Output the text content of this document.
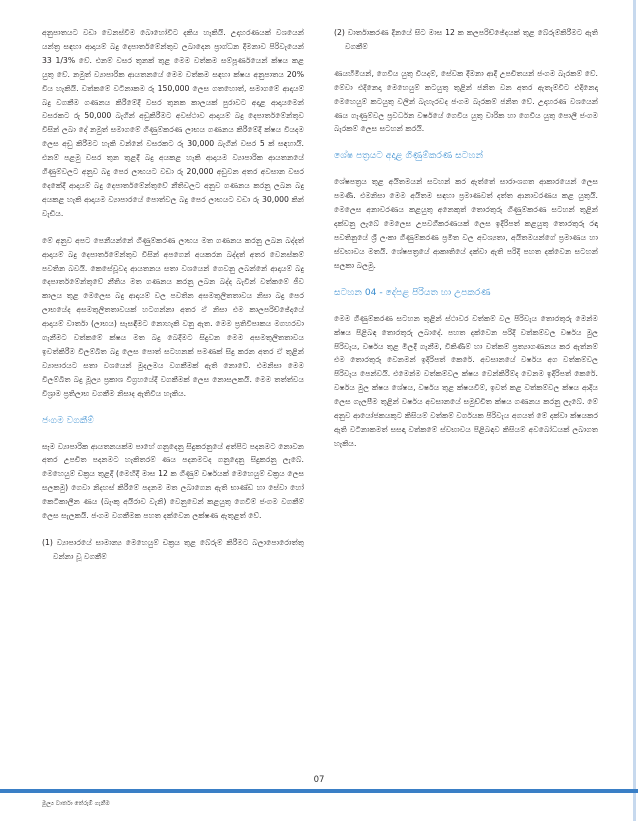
අනුපාතයට වඩා වෙනස්වීම බොහෝවිට දකිය හැකියි. උදාහරණයක් වශයෙන් යන්ත්‍ර සඳහා ආදායම් බදු දෙපාර්තමේන්තුව ලබාදෙන ප්‍රාග්ධන දීමනාව පිරිවැයෙන් 33 1/3% වේ. එනම් වසර තුනක් තුළ මෙම වත්කම සම්පූර්ණයෙන් ක්ෂය කළ යුතු වේ. නමුත් ව්‍යාපාරික ආයතනයේ මෙම වත්කම සඳහා ක්ෂය අනුපාතය 20% විය හැකියි. වත්කමේ වටිනාකම රු 150,000 ලෙස ගතහොත්, සමාගමේ ආදායම් බදු වගකීම ගණනය කිරීමේදී වසර තුනක කාලයක් පුරාවට අදාළ ආදායමෙන් වසරකට රු 50,000 බැගින් අඩුකිරීමට අවස්ථාව ආදායම් බදු දෙපාර්තමේන්තුව විසින් ලබා දේ නමුත් සමාගමේ ගිණුම්කරණ ලාභය ගණනය කිරීමේදී ක්ෂය වියදම ලෙස අඩු කිරීමට හැකි වන්නේ වසරකට රු 30,000 බැගින් වසර 5 ක් සඳහායි. එනම් පළමු වසර තුන තුළදී බදු අයකළ හැකි ආදායම ව්‍යාපාරික ආයතනයේ ගිණුම්වලට අනුව බදු පෙර ලාභයට වඩා රු 20,000 අඩුවන අතර අවසාන වසර දෙකේදී ආදායම් බදු දෙපාර්තමේන්තුවේ නීතිවලට අනුව ගණනය කරනු ලබන බදු අයකළ හැකි ආදායම ව්‍යාපාරයේ පොත්වල බදු පෙර ලාභයට වඩා රු 30,000 කින් වැඩිය.

මේ අනුව අපට පෙනීයන්නේ ගිණුම්කරණ ලාභය මත ගණනය කරනු ලබන බද්දත් ආදායම් බදු දෙපාර්තමේන්තුව විසින් අපගෙන් අයකරන බද්දත් අතර වෙනස්කම් පවතින බවයි. කෙසේවූවද ආයතනය සතා වශයෙන් ගෙවනු ලබන්නේ ආදායම් බදු දෙපාර්තමේන්තුවේ නීතිය මත ගණනය කරනු ලබන බද්ද බැවින් වත්කමේ ජීව කාලය තුළ මෙලෙස බදු ආදායම් වල පවතින අසමතුලිතතාවය නිසා බදු පෙර ලාභයේද අසමතුලිතතාවයක් හටගන්නා අතර ඒ නිසා එම කාලපරිච්ඡේදයේ ආදායම් වාර්තා (ලාභය) සැසඳීමට නොහැකි වනු ඇත. මෙම ප්‍රතිවිපාකය මගහරවා ගැනීමට වත්කමේ ක්ෂය මත බදු බෙදීමට සිදුවන මෙම අසමතුලිතතාවය ඉවත්කිරීම විලම්බිත බදු ලෙස පොත් සටහනක් පමණක් සිදු කරන අතර ඒ තුළින් ව්‍යාපාරයට සතා වශයෙන් මුදලමය වගකීමක් ඇති නොවේ. එමනිසා මෙම විලම්බිත බදු මූල්‍ය ප්‍රකාශ විග්‍රහයේදී වගකීමක් ලෙස නොසලකයි. මෙම තත්ත්වය විශ්‍රාම ප්‍රතිලාභ වගකීම නිසාද ඇතිවිය හැකිය.

ජංගම වගකීම්

සෑම ව්‍යාපාරික ආයතනයක්ම පාහේ ගනුදෙනු සිදුකරනුයේ අත්පිට පදනමට නොවන අතර උපචිත පදනමට හැකිතරම් ණය පදනමටද ගනුදෙනු සිදුකරනු ලැබේ. මෙහෙයුම් චක්‍රය තුළදී (මෙහිදී මාස 12 ක ගිණුම් වර්ෂයක් මෙහෙයුම් චක්‍රය ලෙස සලකමු) ගෙවා නිදහස් කිරීමේ පදනම මත ලබාගෙන ඇති භාණ්ඩ හා සේවා හෝ කෙටිකාලීන ණය (බැංකු අයිරාව වැනි) වෙනුවෙන් කළයුතු ගෙවීම් ජංගම වගකීම් ලෙස සැලකයි. ජංගම වගකීමක පහත දක්වෙන ලක්ෂණ ඇතුළත් වේ.

(1) ව්‍යාපාරයේ සාමාන්‍ය මෙහෙයුම් චක්‍රය තුළ බේරුම් කිරීමට බලාපොරොත්තු වන්නා වූ වගකීම්

(2) වාර්තාකරණ දිනයේ සිට මාස 12 ක කලපරිච්ඡේදයක් තුළ බේරුම්කිරීමට ඇති වගකීම්

ණයහිමියන්, ගෙවිය යුතු වියදම්, සේවක දීමනා ආදී උපචිතයන් ජංගම බැරකම් වේ. මේවා එදිනෙදා මෙහෙයුම් කටයුතු තුළින් ජනිත වන අතර ඇතැම්විට එදිනෙදා මෙහෙයුම් කටයුතු වලින් බැහැරවද ජංගම බැරකම් ජනිත වේ. උදාහරණ වශයෙන් ණය ගැණුම්වල ප්‍රවර්ධන වර්ෂයේ ගෙවිය යුතු වාරික හා ගෙවිය යුතු පොලී ජංගම බැරකම් ලෙස සටහන් කරයි.

ශේෂ පත්‍රයට අදාළ ගිණුම්කරණ සටහන්

ශේෂපත්‍රය තුළ අයිතමයන් සටහන් කර ඇත්තේ සාරාංශගත ආකාරයෙන් ලෙස පමණි. එමනිසා මෙම අයිතම සඳහා ප්‍රමාණවත් දත්ත ආනාවරණය කළ යුතුයි. මෙලෙස අනාවරණය කළයුතු අනෙකුත් තොරතුරු ගිණුම්කරණ සටහන් තුළින් දක්වනු ලැබේ මෙලෙස උපවගීකරණයක් ලෙස ඉදිරිපත් කළයුතු තොරතුරු රඳා පවතිනුයේ ශ්‍රී ලංකා ගිණුම්කරණ ප්‍රමිත වල අවශ්‍යතා, අයිතමයන්ගේ ප්‍රමාණය හා ස්වභාවය මතයි. ශේෂපත්‍රයේ ආකෘතියේ දක්වා ඇති පරිදි පහත දක්වෙන සටහන් සලකා බලමු.

සටහන 04 - දේපළ පිරියත හා උපකරණ

මෙම ගිණුම්කරණ සටහන තුළින් ස්ථාවර වත්කම් වල පිරිවැය තොරතුරු මෙන්ම ක්ෂය පිළිබඳ තොරතුරු ලබාදේ. පහත දක්වෙන පරිදි වත්කම්වල වර්ෂය මුල පිරිවැය, වර්ෂය තුළ මිලදී ගැනීම, විකිණීම් හා වත්කම් ප්‍රත්‍යාගණනය කර ඇත්නම් එම තොරතුරු වෙනමන් ඉදිරිපත් කෙරේ. අවසානයේ වර්ෂය අග වත්කම්වල පිරිවැය පෙන්වයි. එමෙන්ම වත්කම්වල ක්ෂය වෙන්කිරීම්ද වෙනම ඉදිරිපත් කෙරේ. වර්ෂය මුල ක්ෂය ශේෂය, වර්ෂය තුළ ක්ෂයවීම්, ඉවත් කළ වත්කම්වල ක්ෂය ආදිය ලෙස ගැලපීම තුළින් වර්ෂය අවසානයේ සමුච්චිත ක්ෂය ගණනය කරනු ලැබේ. මේ අනුව ආයෝජකයකුට කිසියම් වත්කම් වර්ගයක පිරිවැය අගයත් මේ දක්වා ක්ෂයකර ඇති වටිනාකමත් සසඳා වත්කමේ ස්වභාවය පිළිබඳව කිසියම් අවබෝධයක් ලබාගත හැකිය.

07
මූල්‍ය වාර්තා තේරුම් ගැනීම
